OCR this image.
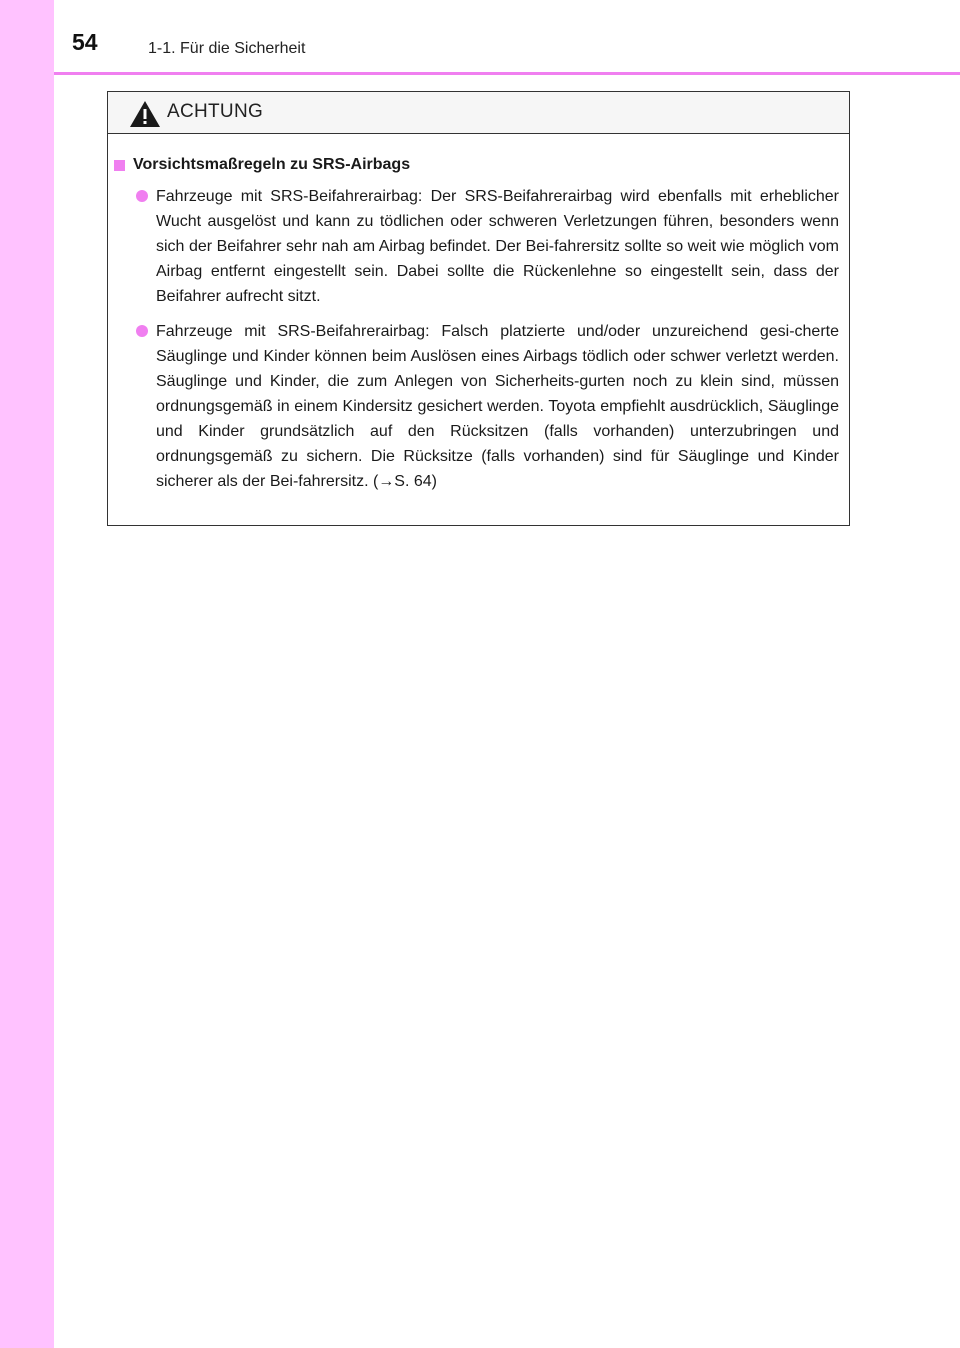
54	1-1. Für die Sicherheit
ACHTUNG
Vorsichtsmaßregeln zu SRS-Airbags
Fahrzeuge mit SRS-Beifahrerairbag: Der SRS-Beifahrerairbag wird ebenfalls mit erheblicher Wucht ausgelöst und kann zu tödlichen oder schweren Verletzungen führen, besonders wenn sich der Beifahrer sehr nah am Airbag befindet. Der Bei-fahrersitz sollte so weit wie möglich vom Airbag entfernt eingestellt sein. Dabei sollte die Rückenlehne so eingestellt sein, dass der Beifahrer aufrecht sitzt.
Fahrzeuge mit SRS-Beifahrerairbag: Falsch platzierte und/oder unzureichend gesi-cherte Säuglinge und Kinder können beim Auslösen eines Airbags tödlich oder schwer verletzt werden. Säuglinge und Kinder, die zum Anlegen von Sicherheits-gurten noch zu klein sind, müssen ordnungsgemäß in einem Kindersitz gesichert werden. Toyota empfiehlt ausdrücklich, Säuglinge und Kinder grundsätzlich auf den Rücksitzen (falls vorhanden) unterzubringen und ordnungsgemäß zu sichern. Die Rücksitze (falls vorhanden) sind für Säuglinge und Kinder sicherer als der Bei-fahrersitz. (→S. 64)
